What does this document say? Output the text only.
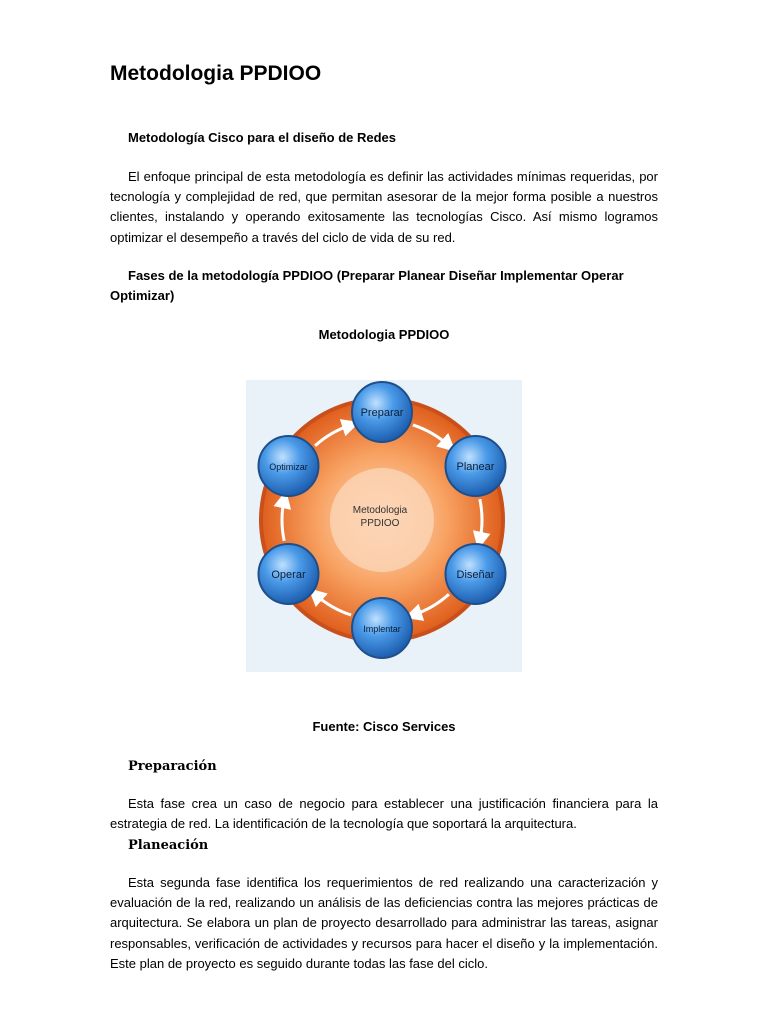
Metodologia PPDIOO
Metodología Cisco para el diseño de Redes

El enfoque principal de esta metodología es definir las actividades mínimas requeridas, por tecnología y complejidad de red, que permitan asesorar de la mejor forma posible a nuestros clientes, instalando y operando exitosamente las tecnologías Cisco. Así mismo logramos optimizar el desempeño a través del ciclo de vida de su red.

Fases de la metodología PPDIOO (Preparar Planear Diseñar Implementar Operar Optimizar)

Metodologia PPDIOO

Metodologia
PPDIOO
Preparar
Planear
Diseñar
Implentar
Operar
Optimizar

Fuente: Cisco Services

Preparación

Esta fase crea un caso de negocio para establecer una justificación financiera para la estrategia de red. La identificación de la tecnología que soportará la arquitectura.

Planeación

Esta segunda fase identifica los requerimientos de red realizando una caracterización y evaluación de la red, realizando un análisis de las deficiencias contra las mejores prácticas de arquitectura. Se elabora un plan de proyecto desarrollado para administrar las tareas, asignar responsables, verificación de actividades y recursos para hacer el diseño y la implementación. Este plan de proyecto es seguido durante todas las fase del ciclo.
